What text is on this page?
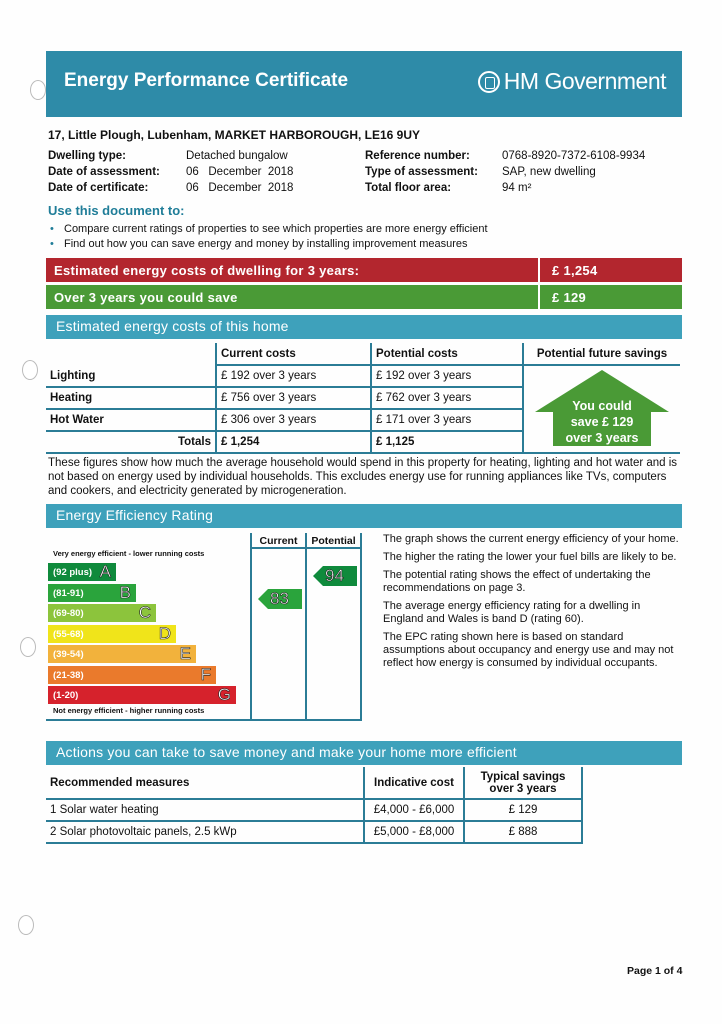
Energy Performance Certificate	HM Government
17, Little Plough, Lubenham, MARKET HARBOROUGH, LE16 9UY
Dwelling type:	Detached bungalow
Date of assessment: 06   December  2018
Date of certificate:	06   December  2018
Reference number:	0768-8920-7372-6108-9934
Type of assessment: SAP, new dwelling
Total floor area:	94 m²
Use this document to:
• Compare current ratings of properties to see which properties are more energy efficient
• Find out how you can save energy and money by installing improvement measures
Estimated energy costs of dwelling for 3 years:	£ 1,254
Over 3 years you could save	£ 129
Estimated energy costs of this home
	Current costs	Potential costs	Potential future savings
Lighting	£ 192 over 3 years	£ 192 over 3 years	
Heating	£ 756 over 3 years	£ 762 over 3 years	
Hot Water	£ 306 over 3 years	£ 171 over 3 years	
Totals	£ 1,254	£ 1,125	
You could
save £ 129
over 3 years
These figures show how much the average household would spend in this property for heating, lighting and hot water and is not based on energy used by individual households. This excludes energy use for running appliances like TVs, computers and cookers, and electricity generated by microgeneration.
Energy Efficiency Rating
Current	Potential
Very energy efficient - lower running costs
Not energy efficient - higher running costs
(92 plus) A
(81-91) B
(69-80)	C
(55-68)	D
(39-54)	E
(21-38)	F
(1-20)	G
83
94

The graph shows the current energy efficiency of your home.

The higher the rating the lower your fuel bills are likely to be.

The potential rating shows the effect of undertaking the recommendations on page 3.

The average energy efficiency rating for a dwelling in England and Wales is band D (rating 60).

The EPC rating shown here is based on standard assumptions about occupancy and energy use and may not reflect how energy is consumed by individual occupants.

Actions you can take to save money and make your home more efficient
Recommended measures	Indicative cost	Typical savings over 3 years
1 Solar water heating	£4,000 - £6,000	£ 129
2 Solar photovoltaic panels, 2.5 kWp	£5,000 - £8,000	£ 888
Page 1 of 4
